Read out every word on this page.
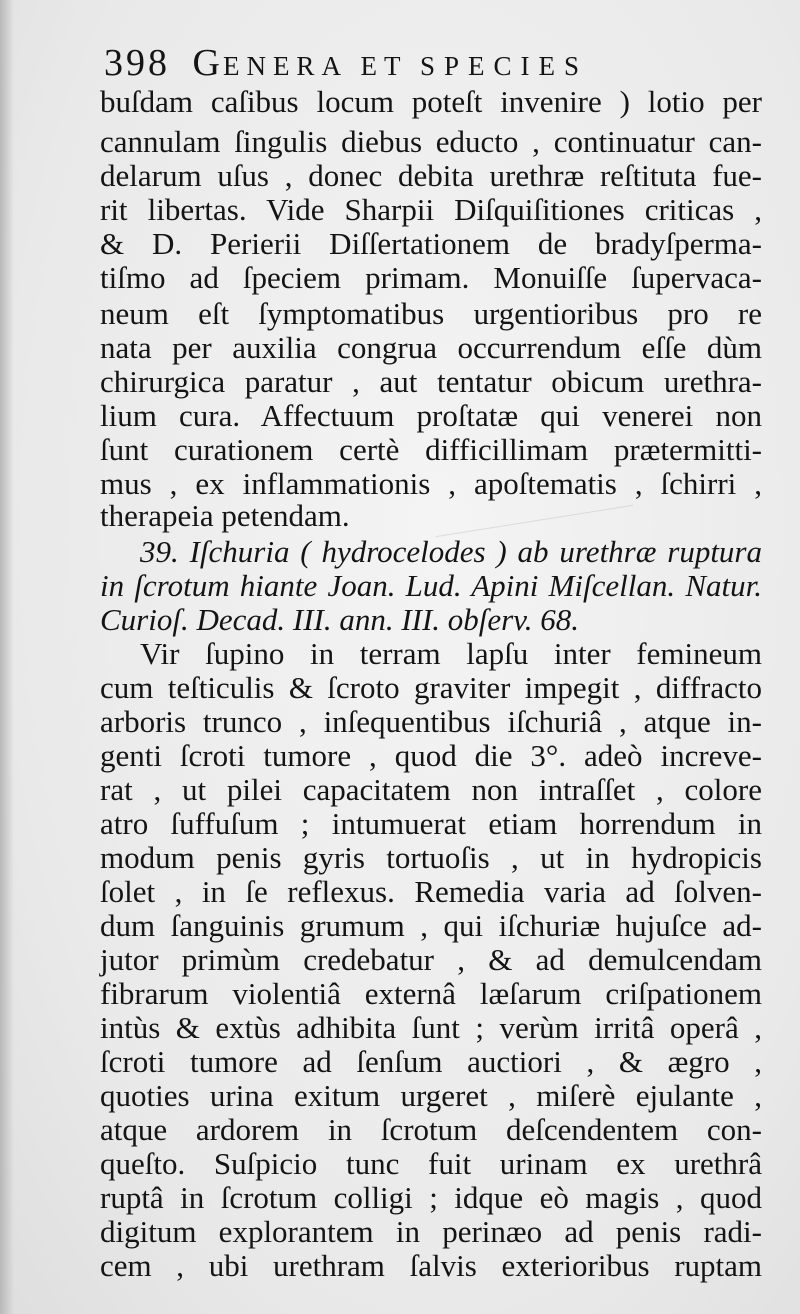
398 GENERA ET SPECIES
buſdam caſibus locum poteſt invenire ) lotio per
cannulam ſingulis diebus educto , continuatur can-
delarum uſus , donec debita urethræ reſtituta fue-
rit libertas. Vide Sharpii Diſquiſitiones criticas ,
& D. Perierii Diſſertationem de bradyſperma-
tiſmo ad ſpeciem primam. Monuiſſe ſupervaca-
neum eſt ſymptomatibus urgentioribus pro re
nata per auxilia congrua occurrendum eſſe dùm
chirurgica paratur , aut tentatur obicum urethra-
lium cura. Affectuum proſtatæ qui venerei non
ſunt curationem certè difficillimam prætermitti-
mus , ex inflammationis , apoſtematis , ſchirri ,
therapeia petendam.
39. Iſchuria ( hydrocelodes ) ab urethræ ruptura
in ſcrotum hiante Joan. Lud. Apini Miſcellan. Natur.
Curioſ. Decad. III. ann. III. obſerv. 68.
Vir ſupino in terram lapſu inter femineum
cum teſticulis & ſcroto graviter impegit , diffracto
arboris trunco , inſequentibus iſchuriâ , atque in-
genti ſcroti tumore , quod die 3°. adeò increve-
rat , ut pilei capacitatem non intraſſet , colore
atro ſuffuſum ; intumuerat etiam horrendum in
modum penis gyris tortuoſis , ut in hydropicis
ſolet , in ſe reflexus. Remedia varia ad ſolven-
dum ſanguinis grumum , qui iſchuriæ hujuſce ad-
jutor primùm credebatur , & ad demulcendam
fibrarum violentiâ externâ læſarum criſpationem
intùs & extùs adhibita ſunt ; verùm irritâ operâ ,
ſcroti tumore ad ſenſum auctiori , & ægro ,
quoties urina exitum urgeret , miſerè ejulante ,
atque ardorem in ſcrotum deſcendentem con-
queſto. Suſpicio tunc fuit urinam ex urethrâ
ruptâ in ſcrotum colligi ; idque eò magis , quod
digitum explorantem in perinæo ad penis radi-
cem , ubi urethram ſalvis exterioribus ruptam
